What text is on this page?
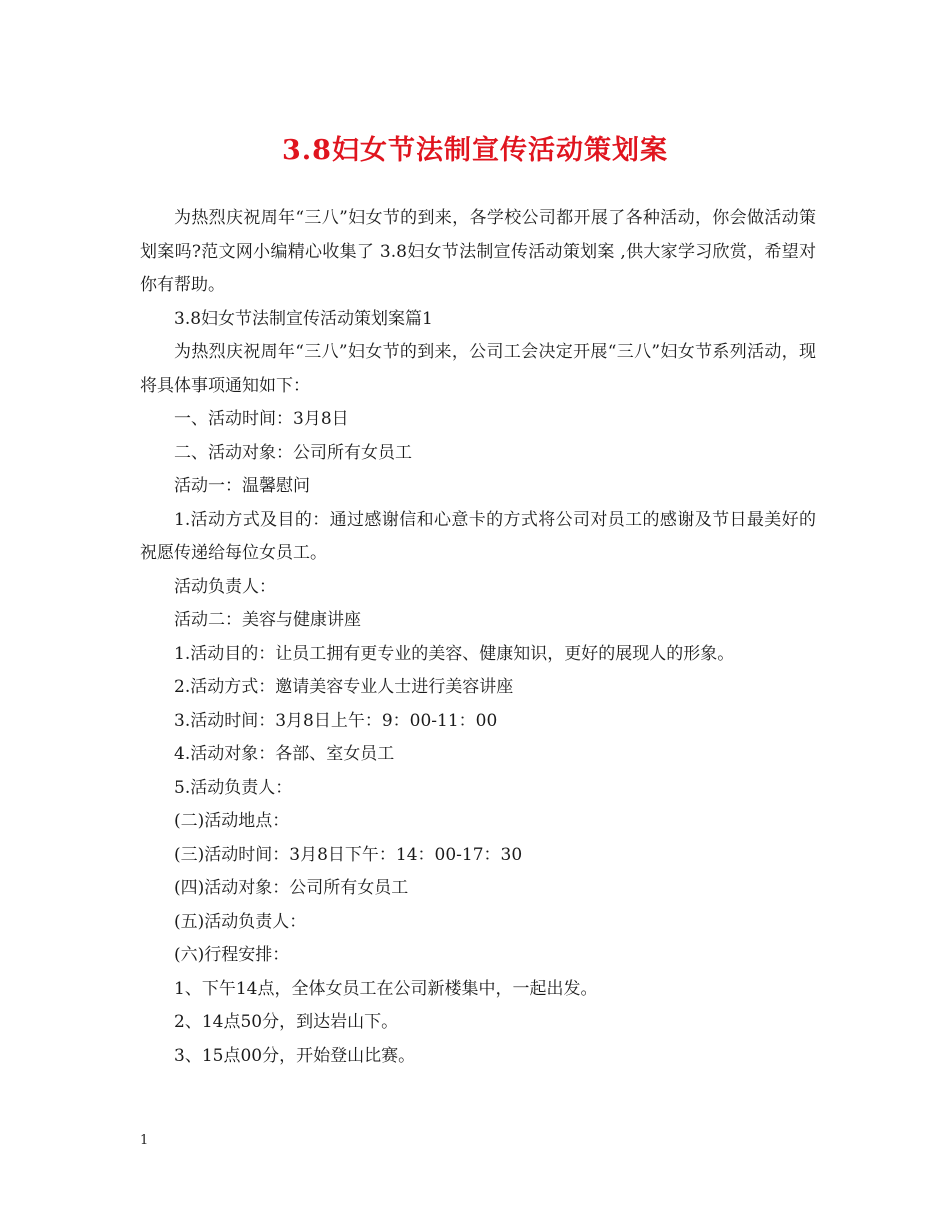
3.8妇女节法制宣传活动策划案

为热烈庆祝周年“三八”妇女节的到来，各学校公司都开展了各种活动，你会做活动策划案吗?范文网小编精心收集了 3.8妇女节法制宣传活动策划案 ,供大家学习欣赏，希望对你有帮助。

3.8妇女节法制宣传活动策划案篇1

为热烈庆祝周年“三八”妇女节的到来，公司工会决定开展“三八”妇女节系列活动，现将具体事项通知如下：

一、活动时间：3月8日

二、活动对象：公司所有女员工

活动一：温馨慰问

1.活动方式及目的：通过感谢信和心意卡的方式将公司对员工的感谢及节日最美好的祝愿传递给每位女员工。

活动负责人：

活动二：美容与健康讲座

1.活动目的：让员工拥有更专业的美容、健康知识，更好的展现人的形象。

2.活动方式：邀请美容专业人士进行美容讲座

3.活动时间：3月8日上午：9：00-11：00

4.活动对象：各部、室女员工

5.活动负责人：

(二)活动地点：

(三)活动时间：3月8日下午：14：00-17：30

(四)活动对象：公司所有女员工

(五)活动负责人：

(六)行程安排：

1、下午14点，全体女员工在公司新楼集中，一起出发。

2、14点50分，到达岩山下。

3、15点00分，开始登山比赛。

1
